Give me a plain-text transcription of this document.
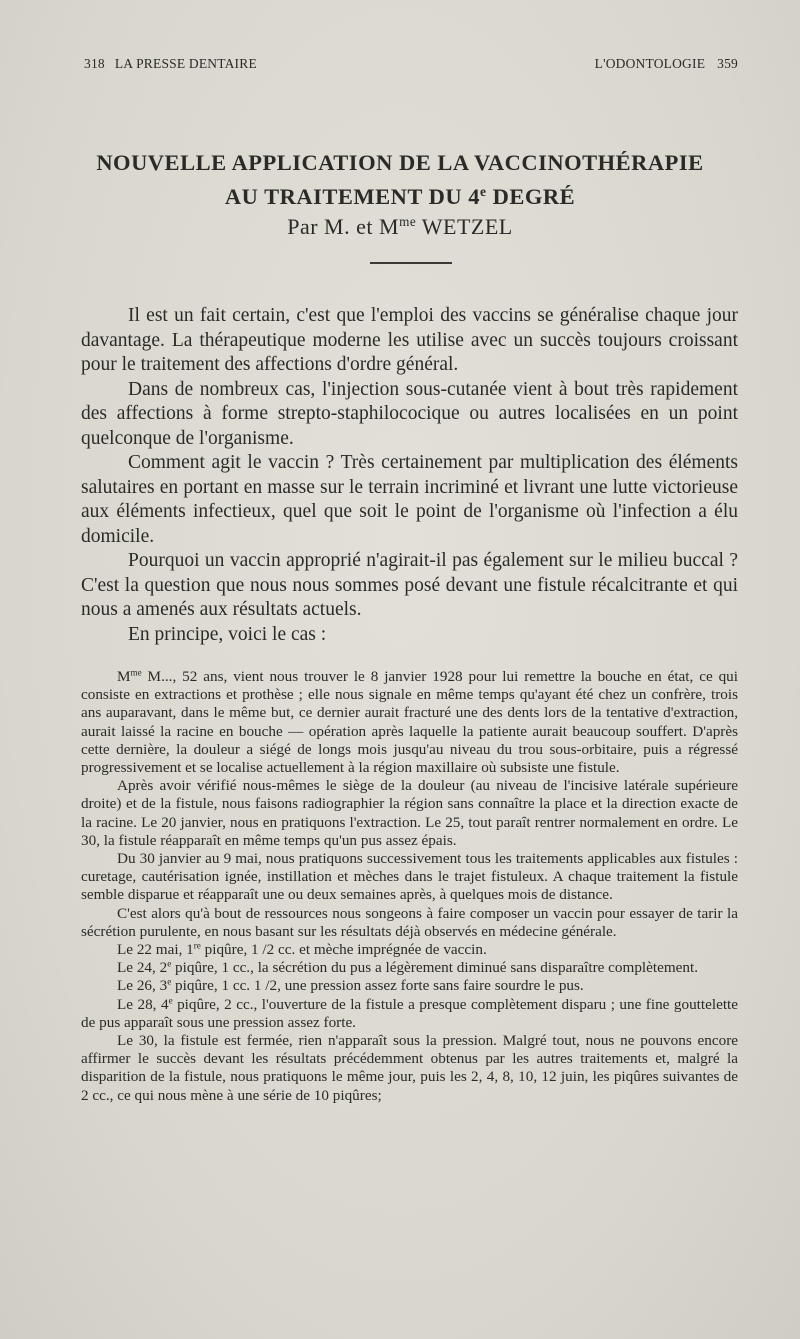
318 LA PRESSE DENTAIRE	L'ODONTOLOGIE 359
NOUVELLE APPLICATION DE LA VACCINOTHÉRAPIE
AU TRAITEMENT DU 4e DEGRÉ
Par M. et $M^{me}$ WETZEL

Il est un fait certain, c'est que l'emploi des vaccins se généralise chaque jour davantage. La thérapeutique moderne les utilise avec un succès toujours croissant pour le traitement des affections d'ordre général.

Dans de nombreux cas, l'injection sous-cutanée vient à bout très rapidement des affections à forme strepto-staphilococique ou autres localisées en un point quelconque de l'organisme.

Comment agit le vaccin ? Très certainement par multiplication des éléments salutaires en portant en masse sur le terrain incriminé et livrant une lutte victorieuse aux éléments infectieux, quel que soit le point de l'organisme où l'infection a élu domicile.

Pourquoi un vaccin approprié n'agirait-il pas également sur le milieu buccal ? C'est la question que nous nous sommes posé devant une fistule récalcitrante et qui nous a amenés aux résultats actuels.

En principe, voici le cas :

$M^{me}$ M..., 52 ans, vient nous trouver le 8 janvier 1928 pour lui remettre la bouche en état, ce qui consiste en extractions et prothèse ; elle nous signale en même temps qu'ayant été chez un confrère, trois ans auparavant, dans le même but, ce dernier aurait fracturé une des dents lors de la tentative d'extraction, aurait laissé la racine en bouche — opération après laquelle la patiente aurait beaucoup souffert. D'après cette dernière, la douleur a siégé de longs mois jusqu'au niveau du trou sous-orbitaire, puis a régressé progressivement et se localise actuellement à la région maxillaire où subsiste une fistule.

Après avoir vérifié nous-mêmes le siège de la douleur (au niveau de l'incisive latérale supérieure droite) et de la fistule, nous faisons radiographier la région sans connaître la place et la direction exacte de la racine. Le 20 janvier, nous en pratiquons l'extraction. Le 25, tout paraît rentrer normalement en ordre. Le 30, la fistule réapparaît en même temps qu'un pus assez épais.

Du 30 janvier au 9 mai, nous pratiquons successivement tous les traitements applicables aux fistules : curetage, cautérisation ignée, instillation et mèches dans le trajet fistuleux. A chaque traitement la fistule semble disparue et réapparaît une ou deux semaines après, à quelques mois de distance.

C'est alors qu'à bout de ressources nous songeons à faire composer un vaccin pour essayer de tarir la sécrétion purulente, en nous basant sur les résultats déjà observés en médecine générale.

Le 22 mai, 1re piqûre, 1 /2 cc. et mèche imprégnée de vaccin.

Le 24, 2e piqûre, 1 cc., la sécrétion du pus a légèrement diminué sans disparaître complètement.

Le 26, 3e piqûre, 1 cc. 1 /2, une pression assez forte sans faire sourdre le pus.

Le 28, 4e piqûre, 2 cc., l'ouverture de la fistule a presque complètement disparu ; une fine gouttelette de pus apparaît sous une pression assez forte.

Le 30, la fistule est fermée, rien n'apparaît sous la pression. Malgré tout, nous ne pouvons encore affirmer le succès devant les résultats précédemment obtenus par les autres traitements et, malgré la disparition de la fistule, nous pratiquons le même jour, puis les 2, 4, 8, 10, 12 juin, les piqûres suivantes de 2 cc., ce qui nous mène à une série de 10 piqûres;
